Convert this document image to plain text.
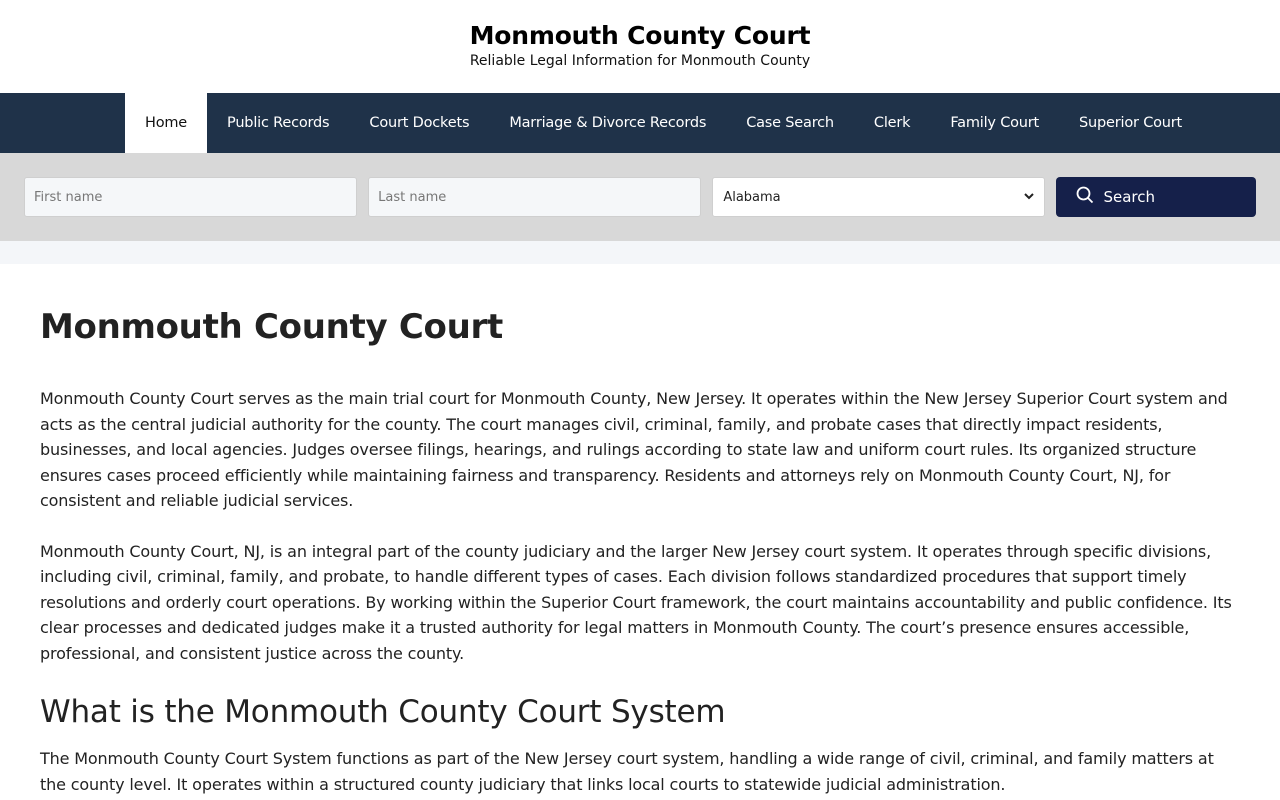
Monmouth County Court
Reliable Legal Information for Monmouth County
Home	Public Records	Court Dockets	Marriage & Divorce Records	Case Search	Clerk	Family Court	Superior Court
First name
Last name
Alabama	Search
Monmouth County Court

Monmouth County Court serves as the main trial court for Monmouth County, New Jersey. It operates within the New Jersey Superior Court system and acts as the central judicial authority for the county. The court manages civil, criminal, family, and probate cases that directly impact residents, businesses, and local agencies. Judges oversee filings, hearings, and rulings according to state law and uniform court rules. Its organized structure ensures cases proceed efficiently while maintaining fairness and transparency. Residents and attorneys rely on Monmouth County Court, NJ, for consistent and reliable judicial services.

Monmouth County Court, NJ, is an integral part of the county judiciary and the larger New Jersey court system. It operates through specific divisions, including civil, criminal, family, and probate, to handle different types of cases. Each division follows standardized procedures that support timely resolutions and orderly court operations. By working within the Superior Court framework, the court maintains accountability and public confidence. Its clear processes and dedicated judges make it a trusted authority for legal matters in Monmouth County. The court’s presence ensures accessible, professional, and consistent justice across the county.

What is the Monmouth County Court System

The Monmouth County Court System functions as part of the New Jersey court system, handling a wide range of civil, criminal, and family matters at the county level. It operates within a structured county judiciary that links local courts to statewide judicial administration.
